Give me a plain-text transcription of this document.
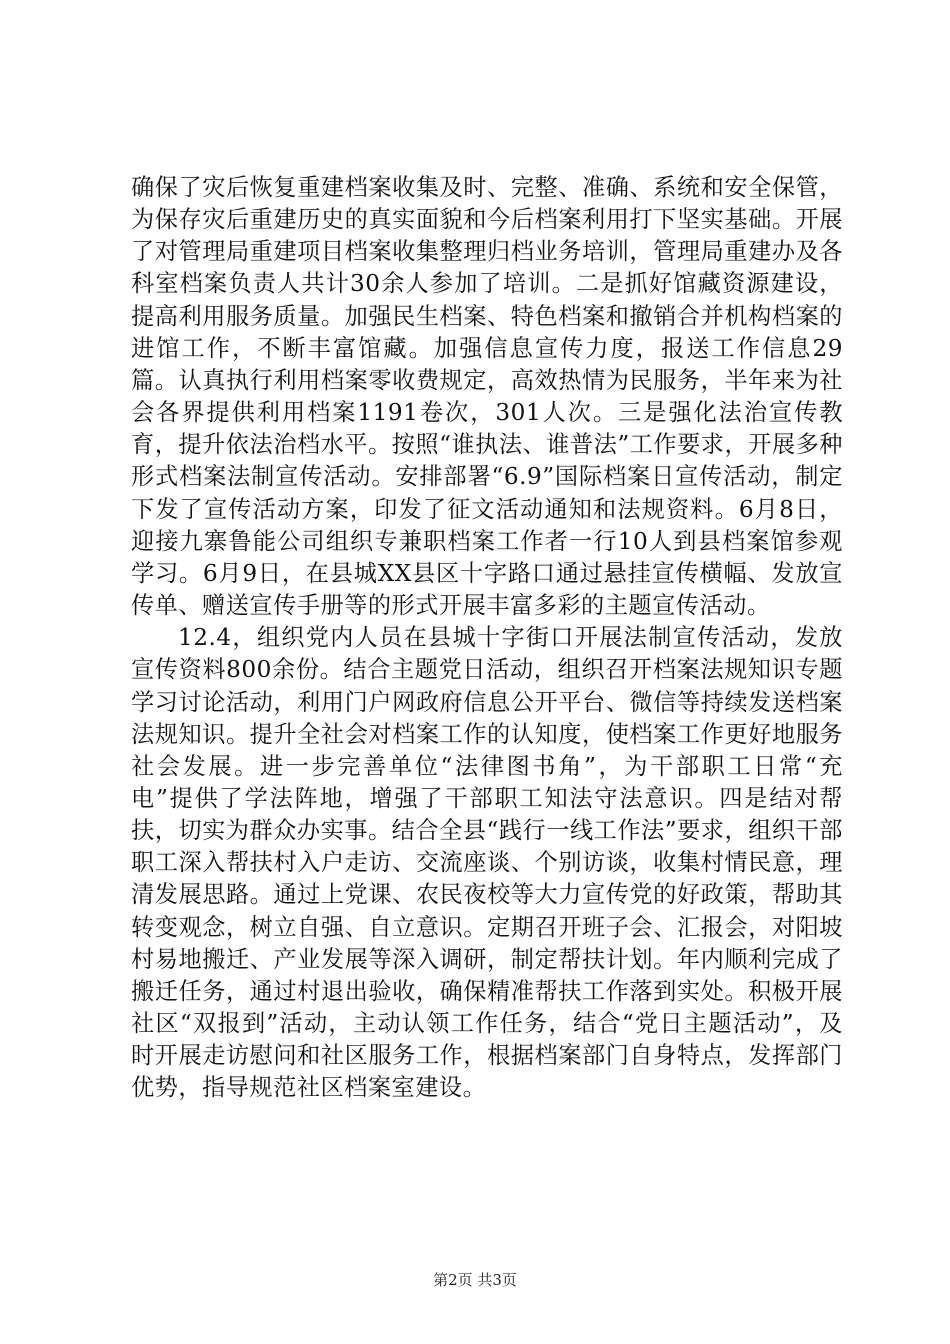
确保了灾后恢复重建档案收集及时、完整、准确、系统和安全保管，为保存灾后重建历史的真实面貌和今后档案利用打下坚实基础。开展了对管理局重建项目档案收集整理归档业务培训，管理局重建办及各科室档案负责人共计30余人参加了培训。二是抓好馆藏资源建设，提高利用服务质量。加强民生档案、特色档案和撤销合并机构档案的进馆工作，不断丰富馆藏。加强信息宣传力度，报送工作信息29篇。认真执行利用档案零收费规定，高效热情为民服务，半年来为社会各界提供利用档案1191卷次，301人次。三是强化法治宣传教育，提升依法治档水平。按照“谁执法、谁普法”工作要求，开展多种形式档案法制宣传活动。安排部署“6.9”国际档案日宣传活动，制定下发了宣传活动方案，印发了征文活动通知和法规资料。6月8日，迎接九寨鲁能公司组织专兼职档案工作者一行10人到县档案馆参观学习。6月9日，在县城XX县区十字路口通过悬挂宣传横幅、发放宣传单、赠送宣传手册等的形式开展丰富多彩的主题宣传活动。

12.4，组织党内人员在县城十字街口开展法制宣传活动，发放宣传资料800余份。结合主题党日活动，组织召开档案法规知识专题学习讨论活动，利用门户网政府信息公开平台、微信等持续发送档案法规知识。提升全社会对档案工作的认知度，使档案工作更好地服务社会发展。进一步完善单位“法律图书角”，为干部职工日常“充电”提供了学法阵地，增强了干部职工知法守法意识。四是结对帮扶，切实为群众办实事。结合全县“践行一线工作法”要求，组织干部职工深入帮扶村入户走访、交流座谈、个别访谈，收集村情民意，理清发展思路。通过上党课、农民夜校等大力宣传党的好政策，帮助其转变观念，树立自强、自立意识。定期召开班子会、汇报会，对阳坡村易地搬迁、产业发展等深入调研，制定帮扶计划。年内顺利完成了搬迁任务，通过村退出验收，确保精准帮扶工作落到实处。积极开展社区“双报到”活动，主动认领工作任务，结合“党日主题活动”，及时开展走访慰问和社区服务工作，根据档案部门自身特点，发挥部门优势，指导规范社区档案室建设。

第2页 共3页
